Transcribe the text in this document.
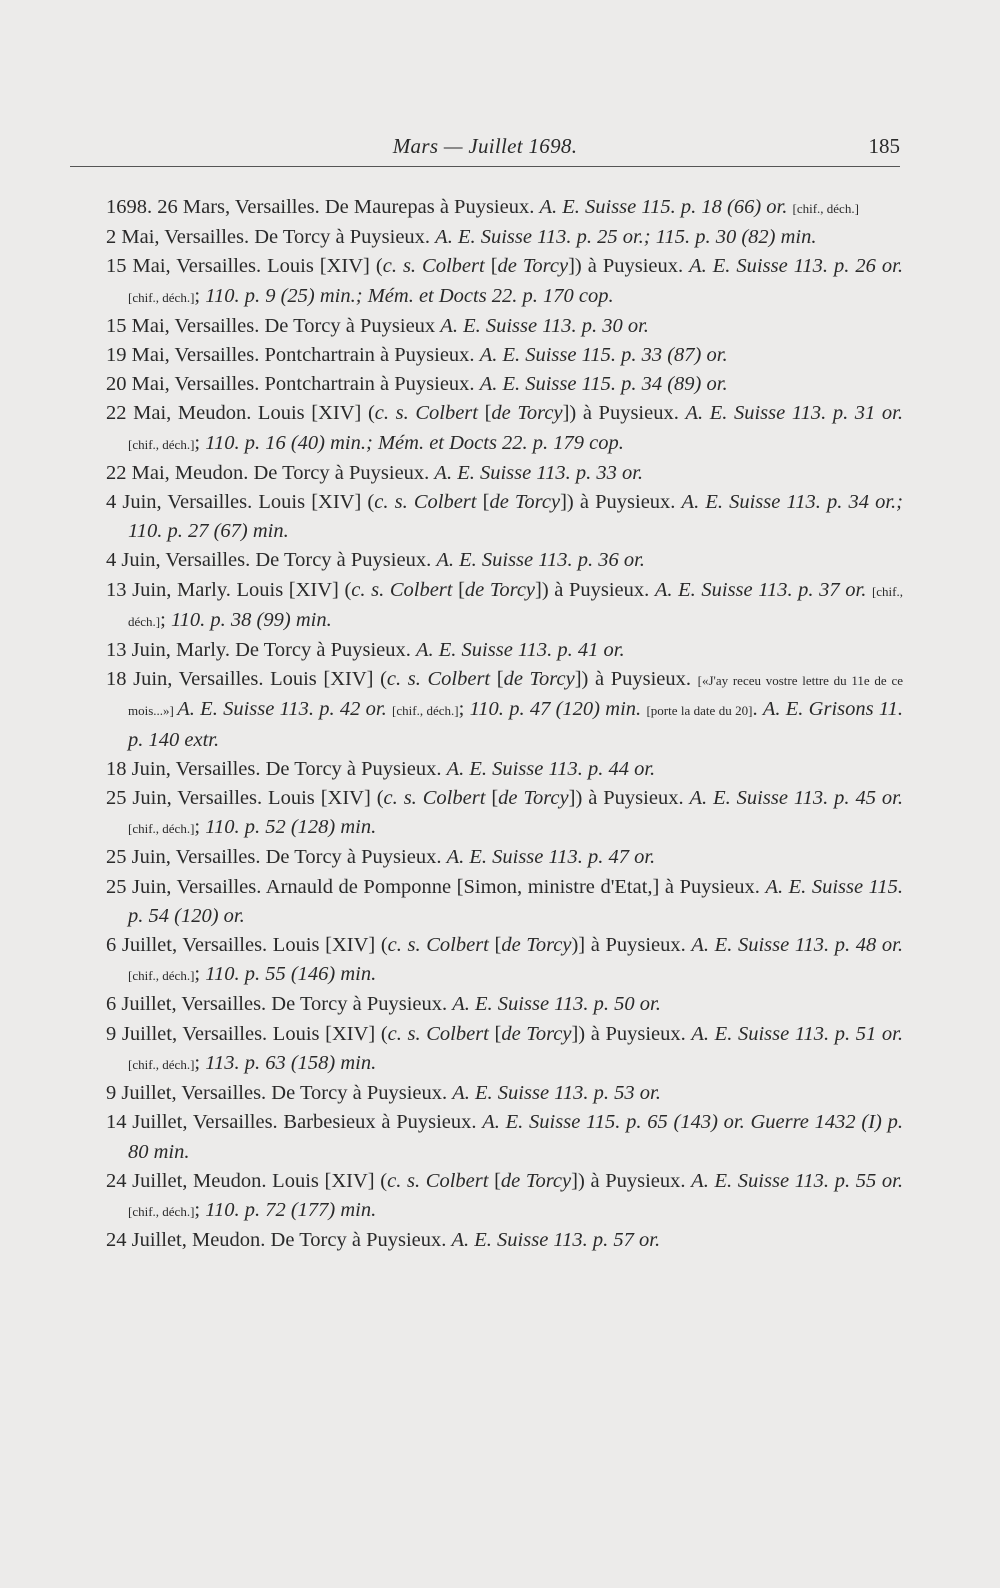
Mars — Juillet 1698.	185

1698. 26 Mars, Versailles. De Maurepas à Puysieux. A. E. Suisse 115. p. 18 (66) or. [chif., déch.]

2 Mai, Versailles. De Torcy à Puysieux. A. E. Suisse 113. p. 25 or.; 115. p. 30 (82) min.

15 Mai, Versailles. Louis [XIV] (c. s. Colbert [de Torcy]) à Puysieux. A. E. Suisse 113. p. 26 or. [chif., déch.]; 110. p. 9 (25) min.; Mém. et Docts 22. p. 170 cop.

15 Mai, Versailles. De Torcy à Puysieux A. E. Suisse 113. p. 30 or.

19 Mai, Versailles. Pontchartrain à Puysieux. A. E. Suisse 115. p. 33 (87) or.

20 Mai, Versailles. Pontchartrain à Puysieux. A. E. Suisse 115. p. 34 (89) or.

22 Mai, Meudon. Louis [XIV] (c. s. Colbert [de Torcy]) à Puysieux. A. E. Suisse 113. p. 31 or. [chif., déch.]; 110. p. 16 (40) min.; Mém. et Docts 22. p. 179 cop.

22 Mai, Meudon. De Torcy à Puysieux. A. E. Suisse 113. p. 33 or.

4 Juin, Versailles. Louis [XIV] (c. s. Colbert [de Torcy]) à Puysieux. A. E. Suisse 113. p. 34 or.; 110. p. 27 (67) min.

4 Juin, Versailles. De Torcy à Puysieux. A. E. Suisse 113. p. 36 or.

13 Juin, Marly. Louis [XIV] (c. s. Colbert [de Torcy]) à Puysieux. A. E. Suisse 113. p. 37 or. [chif., déch.]; 110. p. 38 (99) min.

13 Juin, Marly. De Torcy à Puysieux. A. E. Suisse 113. p. 41 or.

18 Juin, Versailles. Louis [XIV] (c. s. Colbert [de Torcy]) à Puysieux. [«J'ay receu vostre lettre du 11e de ce mois...»] A. E. Suisse 113. p. 42 or. [chif., déch.]; 110. p. 47 (120) min. [porte la date du 20]. A. E. Grisons 11. p. 140 extr.

18 Juin, Versailles. De Torcy à Puysieux. A. E. Suisse 113. p. 44 or.

25 Juin, Versailles. Louis [XIV] (c. s. Colbert [de Torcy]) à Puysieux. A. E. Suisse 113. p. 45 or. [chif., déch.]; 110. p. 52 (128) min.

25 Juin, Versailles. De Torcy à Puysieux. A. E. Suisse 113. p. 47 or.

25 Juin, Versailles. Arnauld de Pomponne [Simon, ministre d'Etat,] à Puysieux. A. E. Suisse 115. p. 54 (120) or.

6 Juillet, Versailles. Louis [XIV] (c. s. Colbert [de Torcy)] à Puysieux. A. E. Suisse 113. p. 48 or. [chif., déch.]; 110. p. 55 (146) min.

6 Juillet, Versailles. De Torcy à Puysieux. A. E. Suisse 113. p. 50 or.

9 Juillet, Versailles. Louis [XIV] (c. s. Colbert [de Torcy]) à Puysieux. A. E. Suisse 113. p. 51 or. [chif., déch.]; 113. p. 63 (158) min.

9 Juillet, Versailles. De Torcy à Puysieux. A. E. Suisse 113. p. 53 or.

14 Juillet, Versailles. Barbesieux à Puysieux. A. E. Suisse 115. p. 65 (143) or. Guerre 1432 (I) p. 80 min.

24 Juillet, Meudon. Louis [XIV] (c. s. Colbert [de Torcy]) à Puysieux. A. E. Suisse 113. p. 55 or. [chif., déch.]; 110. p. 72 (177) min.

24 Juillet, Meudon. De Torcy à Puysieux. A. E. Suisse 113. p. 57 or.
